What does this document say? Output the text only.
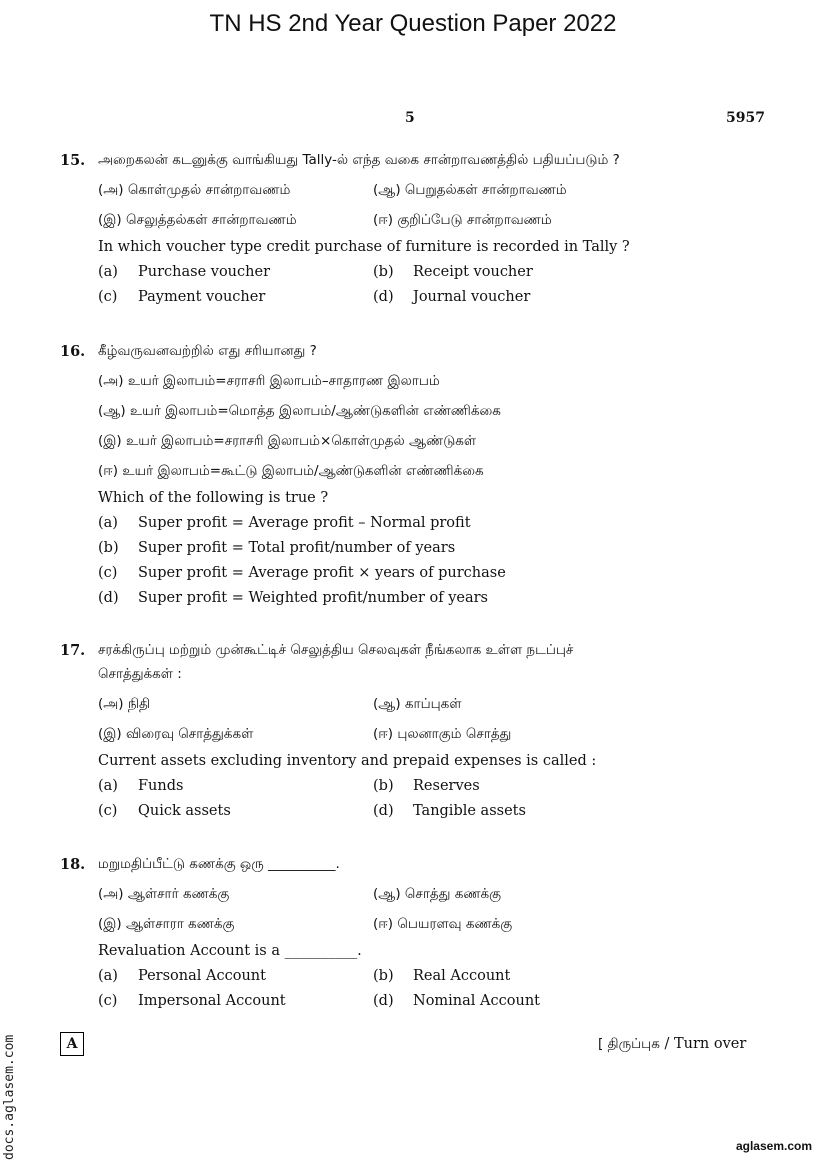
TN HS 2nd Year Question Paper 2022
5	5957
15. அறைகலன் கடனுக்கு வாங்கியது Tally-ல் எந்த வகை சான்றாவணத்தில் பதியப்படும் ?
(அ) கொள்முதல் சான்றாவணம்	(ஆ) பெறுதல்கள் சான்றாவணம்
(இ) செலுத்தல்கள் சான்றாவணம்	(ஈ) குறிப்பேடு சான்றாவணம்
In which voucher type credit purchase of furniture is recorded in Tally ?
(a) Purchase voucher	(b) Receipt voucher
(c) Payment voucher	(d) Journal voucher
16. கீழ்வருவனவற்றில் எது சரியானது ?
(அ) உயர் இலாபம்=சராசரி இலாபம்–சாதாரண இலாபம்
(ஆ) உயர் இலாபம்=மொத்த இலாபம்/ஆண்டுகளின் எண்ணிக்கை
(இ) உயர் இலாபம்=சராசரி இலாபம்×கொள்முதல் ஆண்டுகள்
(ஈ) உயர் இலாபம்=கூட்டு இலாபம்/ஆண்டுகளின் எண்ணிக்கை
Which of the following is true ?
(a) Super profit = Average profit – Normal profit
(b) Super profit = Total profit/number of years
(c) Super profit = Average profit × years of purchase
(d) Super profit = Weighted profit/number of years
17. சரக்கிருப்பு மற்றும் முன்கூட்டிச் செலுத்திய செலவுகள் நீங்கலாக உள்ள நடப்புச்
சொத்துக்கள் :
(அ) நிதி	(ஆ) காப்புகள்
(இ) விரைவு சொத்துக்கள்	(ஈ) புலனாகும் சொத்து
Current assets excluding inventory and prepaid expenses is called :
(a) Funds	(b) Reserves
(c) Quick assets	(d) Tangible assets
18. மறுமதிப்பீட்டு கணக்கு ஒரு __________.
(அ) ஆள்சார் கணக்கு	(ஆ) சொத்து கணக்கு
(இ) ஆள்சாரா கணக்கு	(ஈ) பெயரளவு கணக்கு
Revaluation Account is a __________.
(a) Personal Account	(b) Real Account
(c) Impersonal Account	(d) Nominal Account
A	[ திருப்புக / Turn over
docs.aglasem.com	aglasem.com
